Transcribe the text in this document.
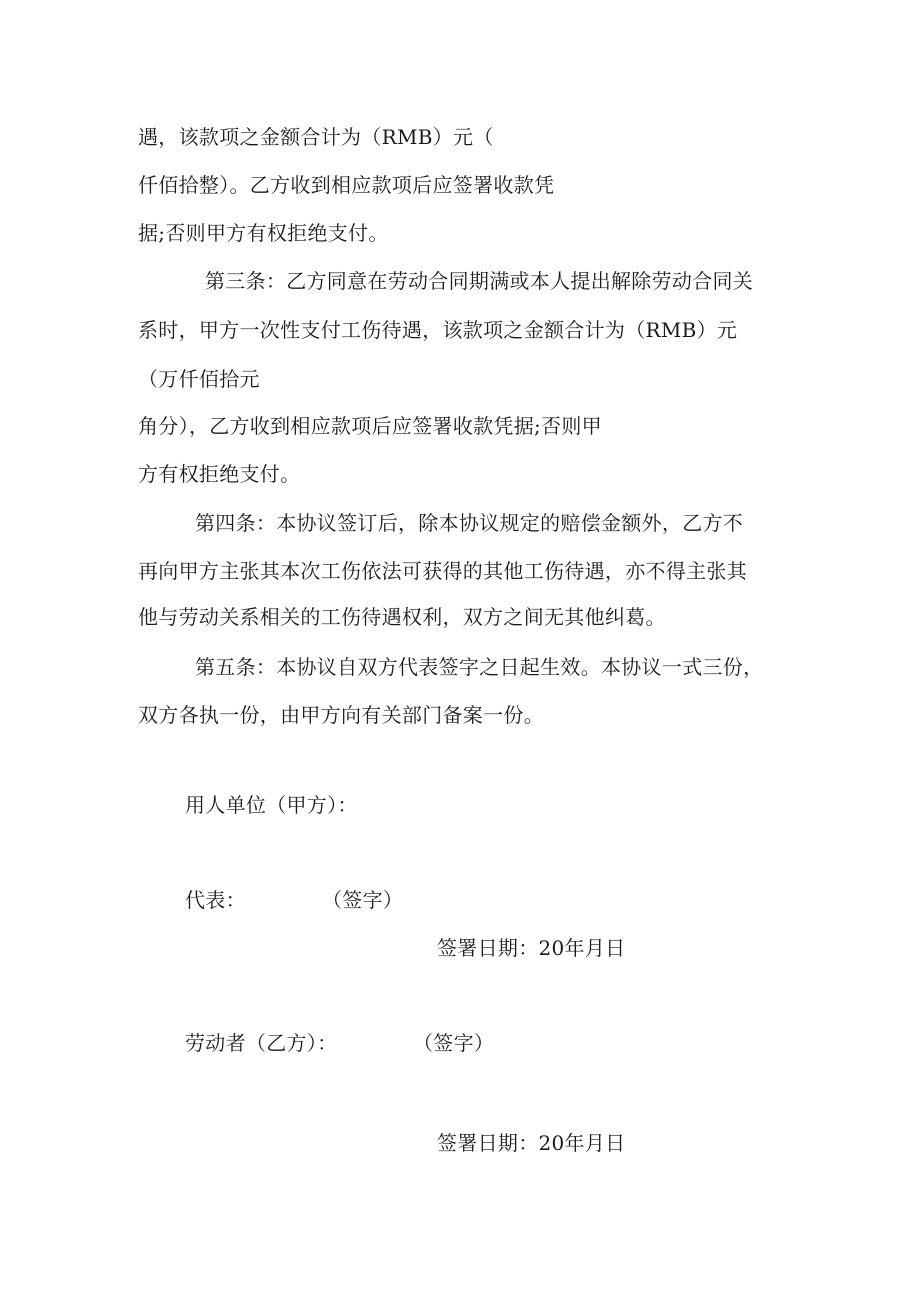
遇，该款项之金额合计为（RMB）元（
仟佰拾整）。乙方收到相应款项后应签署收款凭
据;否则甲方有权拒绝支付。
第三条：乙方同意在劳动合同期满或本人提出解除劳动合同关
系时，甲方一次性支付工伤待遇，该款项之金额合计为（RMB）元
（万仟佰拾元
角分），乙方收到相应款项后应签署收款凭据;否则甲
方有权拒绝支付。
第四条：本协议签订后，除本协议规定的赔偿金额外，乙方不
再向甲方主张其本次工伤依法可获得的其他工伤待遇，亦不得主张其
他与劳动关系相关的工伤待遇权利，双方之间无其他纠葛。
第五条：本协议自双方代表签字之日起生效。本协议一式三份，
双方各执一份，由甲方向有关部门备案一份。
用人单位（甲方）：
代表：	（签字）
签署日期：20年月日
劳动者（乙方）：	（签字）
签署日期：20年月日
